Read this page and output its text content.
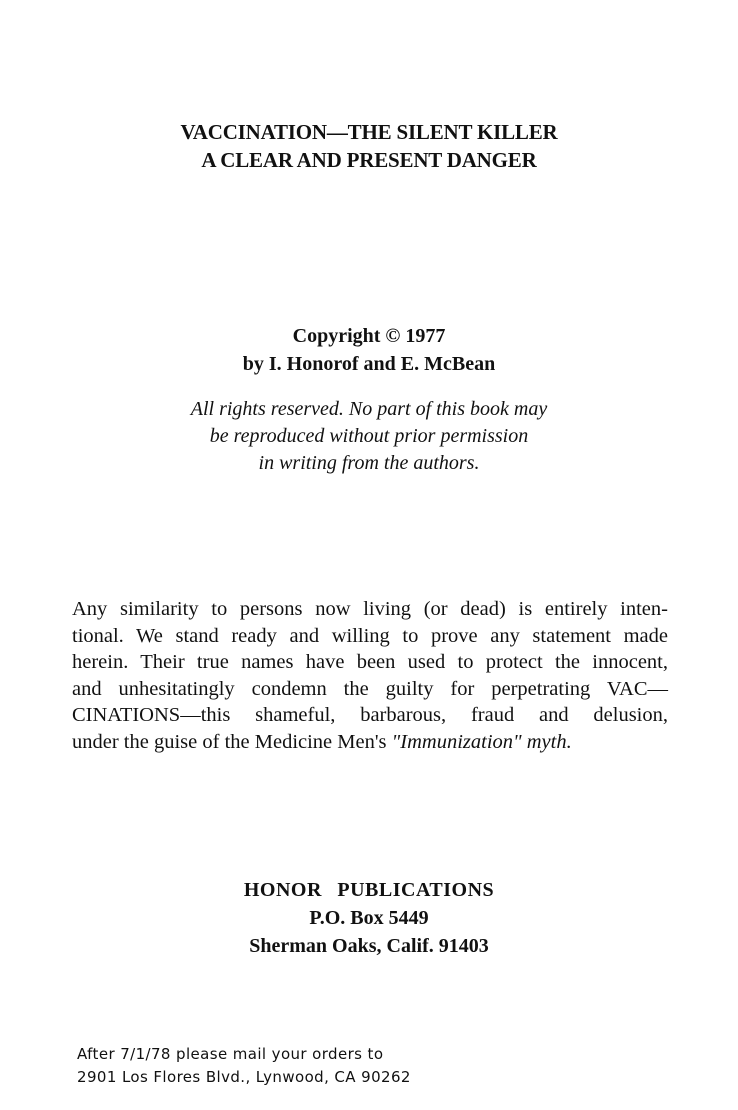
VACCINATION—THE SILENT KILLER
A CLEAR AND PRESENT DANGER
Copyright © 1977
by I. Honorof and E. McBean
All rights reserved. No part of this book may
be reproduced without prior permission
in writing from the authors.
Any similarity to persons now living (or dead) is entirely inten-
tional. We stand ready and willing to prove any statement made
herein. Their true names have been used to protect the innocent,
and unhesitatingly condemn the guilty for perpetrating VAC—
CINATIONS—this shameful, barbarous, fraud and delusion,
under the guise of the Medicine Men's "Immunization" myth.
HONOR PUBLICATIONS
P.O. Box 5449
Sherman Oaks, Calif. 91403
After 7/1/78 please mail your orders to
2901 Los Flores Blvd., Lynwood, CA 90262
